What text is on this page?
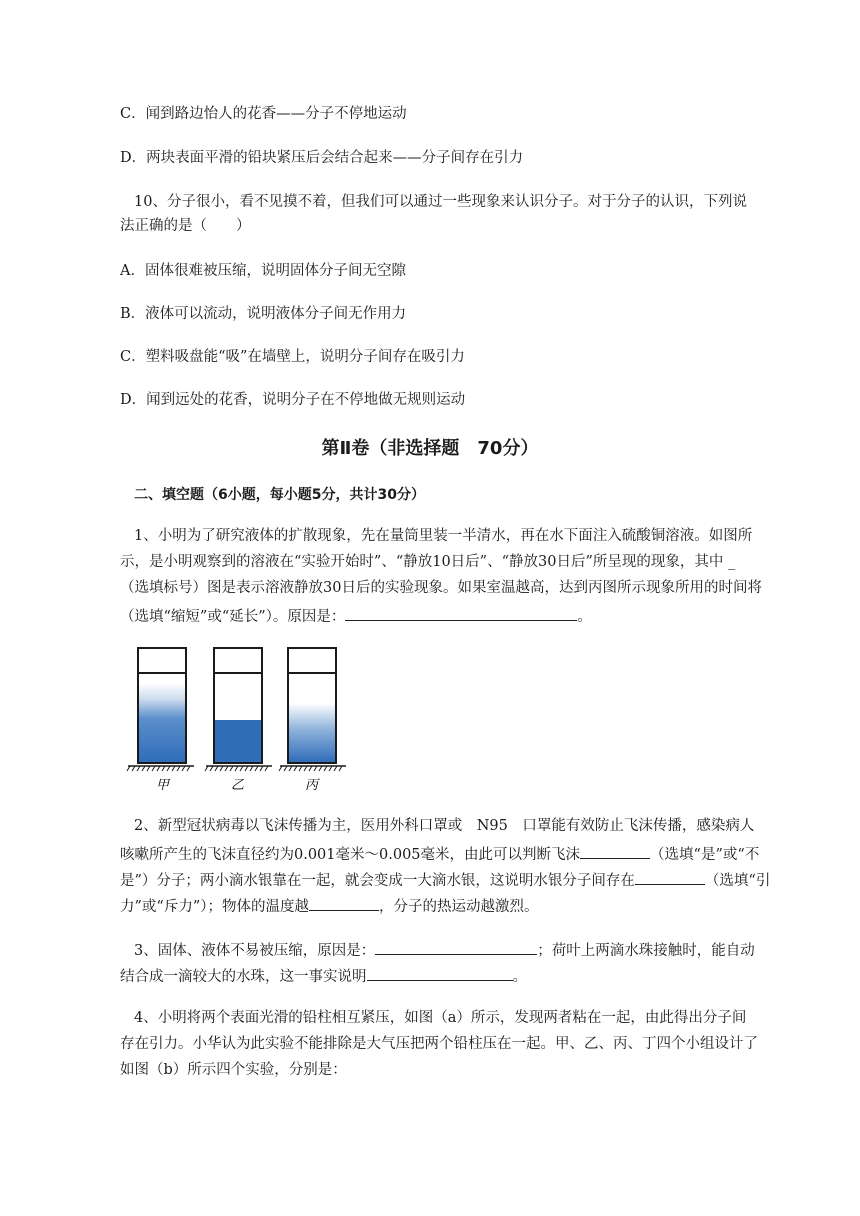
C．闻到路边怡人的花香——分子不停地运动
D．两块表面平滑的铅块紧压后会结合起来——分子间存在引力
10、分子很小，看不见摸不着，但我们可以通过一些现象来认识分子。对于分子的认识，下列说
法正确的是（　　）
A．固体很难被压缩，说明固体分子间无空隙
B．液体可以流动，说明液体分子间无作用力
C．塑料吸盘能“吸”在墙壁上，说明分子间存在吸引力
D．闻到远处的花香，说明分子在不停地做无规则运动
第Ⅱ卷（非选择题　70分）
二、填空题（6小题，每小题5分，共计30分）
1、小明为了研究液体的扩散现象，先在量筒里装一半清水，再在水下面注入硫酸铜溶液。如图所
示，是小明观察到的溶液在“实验开始时”、“静放10日后”、“静放30日后”所呈现的现象，其中 _
（选填标号）图是表示溶液静放30日后的实验现象。如果室温越高，达到丙图所示现象所用的时间将
（选填“缩短”或“延长”）。原因是：	。
甲	乙	丙
2、新型冠状病毒以飞沫传播为主，医用外科口罩或　N95　口罩能有效防止飞沫传播，感染病人
咳嗽所产生的飞沫直径约为0.001毫米～0.005毫米，由此可以判断飞沫	（选填“是”或“不
是”）分子；两小滴水银靠在一起，就会变成一大滴水银，这说明水银分子间存在	（选填“引
力”或“斥力”）；物体的温度越	，分子的热运动越激烈。
3、固体、液体不易被压缩，原因是：	；荷叶上两滴水珠接触时，能自动
结合成一滴较大的水珠，这一事实说明	。
4、小明将两个表面光滑的铅柱相互紧压，如图（a）所示，发现两者粘在一起，由此得出分子间
存在引力。小华认为此实验不能排除是大气压把两个铅柱压在一起。甲、乙、丙、丁四个小组设计了
如图（b）所示四个实验，分别是：
